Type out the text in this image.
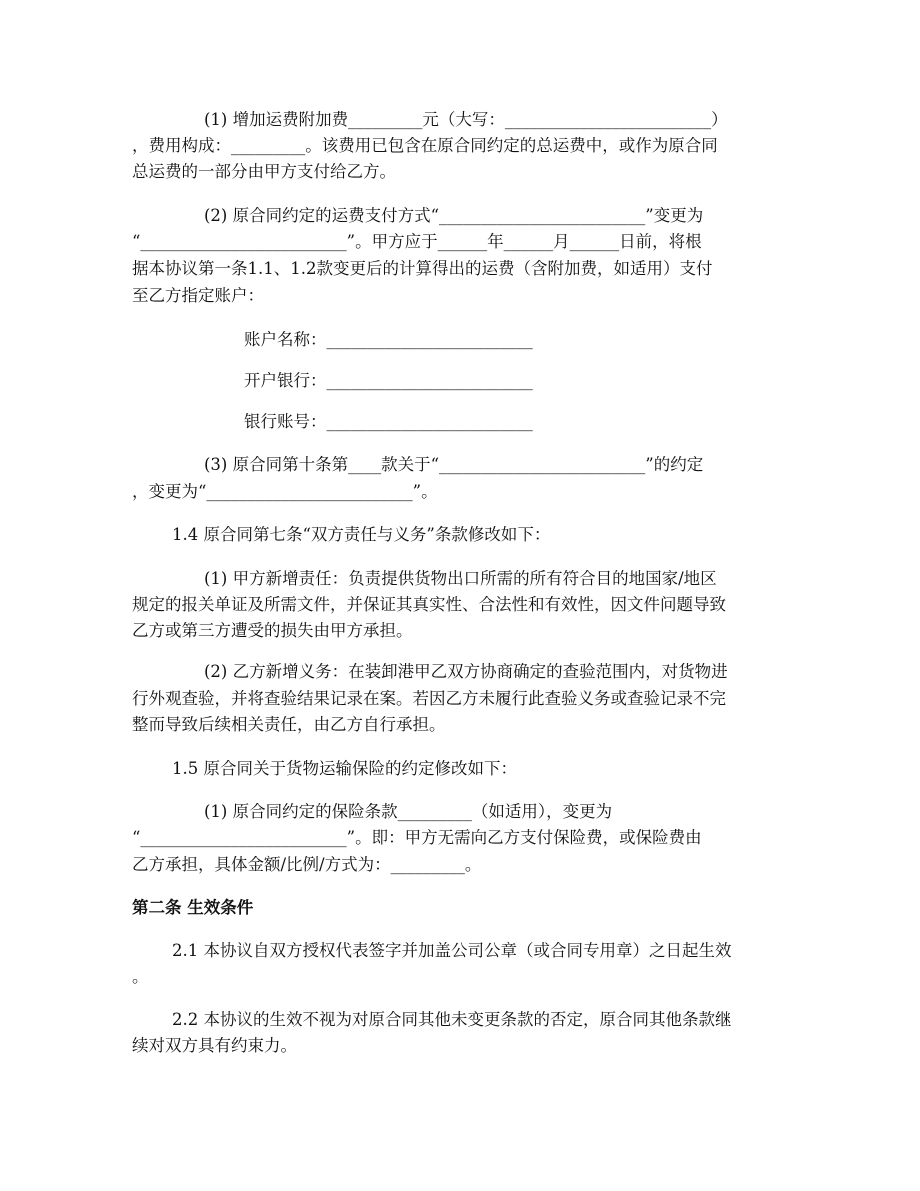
(1) 增加运费附加费_________元（大写：_________________________）
，费用构成：_________。该费用已包含在原合同约定的总运费中，或作为原合同
总运费的一部分由甲方支付给乙方。
(2) 原合同约定的运费支付方式“_________________________”变更为
“_________________________”。甲方应于______年______月______日前，将根
据本协议第一条1.1、1.2款变更后的计算得出的运费（含附加费，如适用）支付
至乙方指定账户：
账户名称：_________________________
开户银行：_________________________
银行账号：_________________________
(3) 原合同第十条第____款关于“_________________________”的约定
，变更为“_________________________”。
1.4 原合同第七条“双方责任与义务”条款修改如下：
(1) 甲方新增责任：负责提供货物出口所需的所有符合目的地国家/地区
规定的报关单证及所需文件，并保证其真实性、合法性和有效性，因文件问题导致
乙方或第三方遭受的损失由甲方承担。
(2) 乙方新增义务：在装卸港甲乙双方协商确定的查验范围内，对货物进
行外观查验，并将查验结果记录在案。若因乙方未履行此查验义务或查验记录不完
整而导致后续相关责任，由乙方自行承担。
1.5 原合同关于货物运输保险的约定修改如下：
(1) 原合同约定的保险条款_________（如适用），变更为
“_________________________”。即：甲方无需向乙方支付保险费，或保险费由
乙方承担，具体金额/比例/方式为：_________。
第二条 生效条件
2.1 本协议自双方授权代表签字并加盖公司公章（或合同专用章）之日起生效
。
2.2 本协议的生效不视为对原合同其他未变更条款的否定，原合同其他条款继
续对双方具有约束力。
